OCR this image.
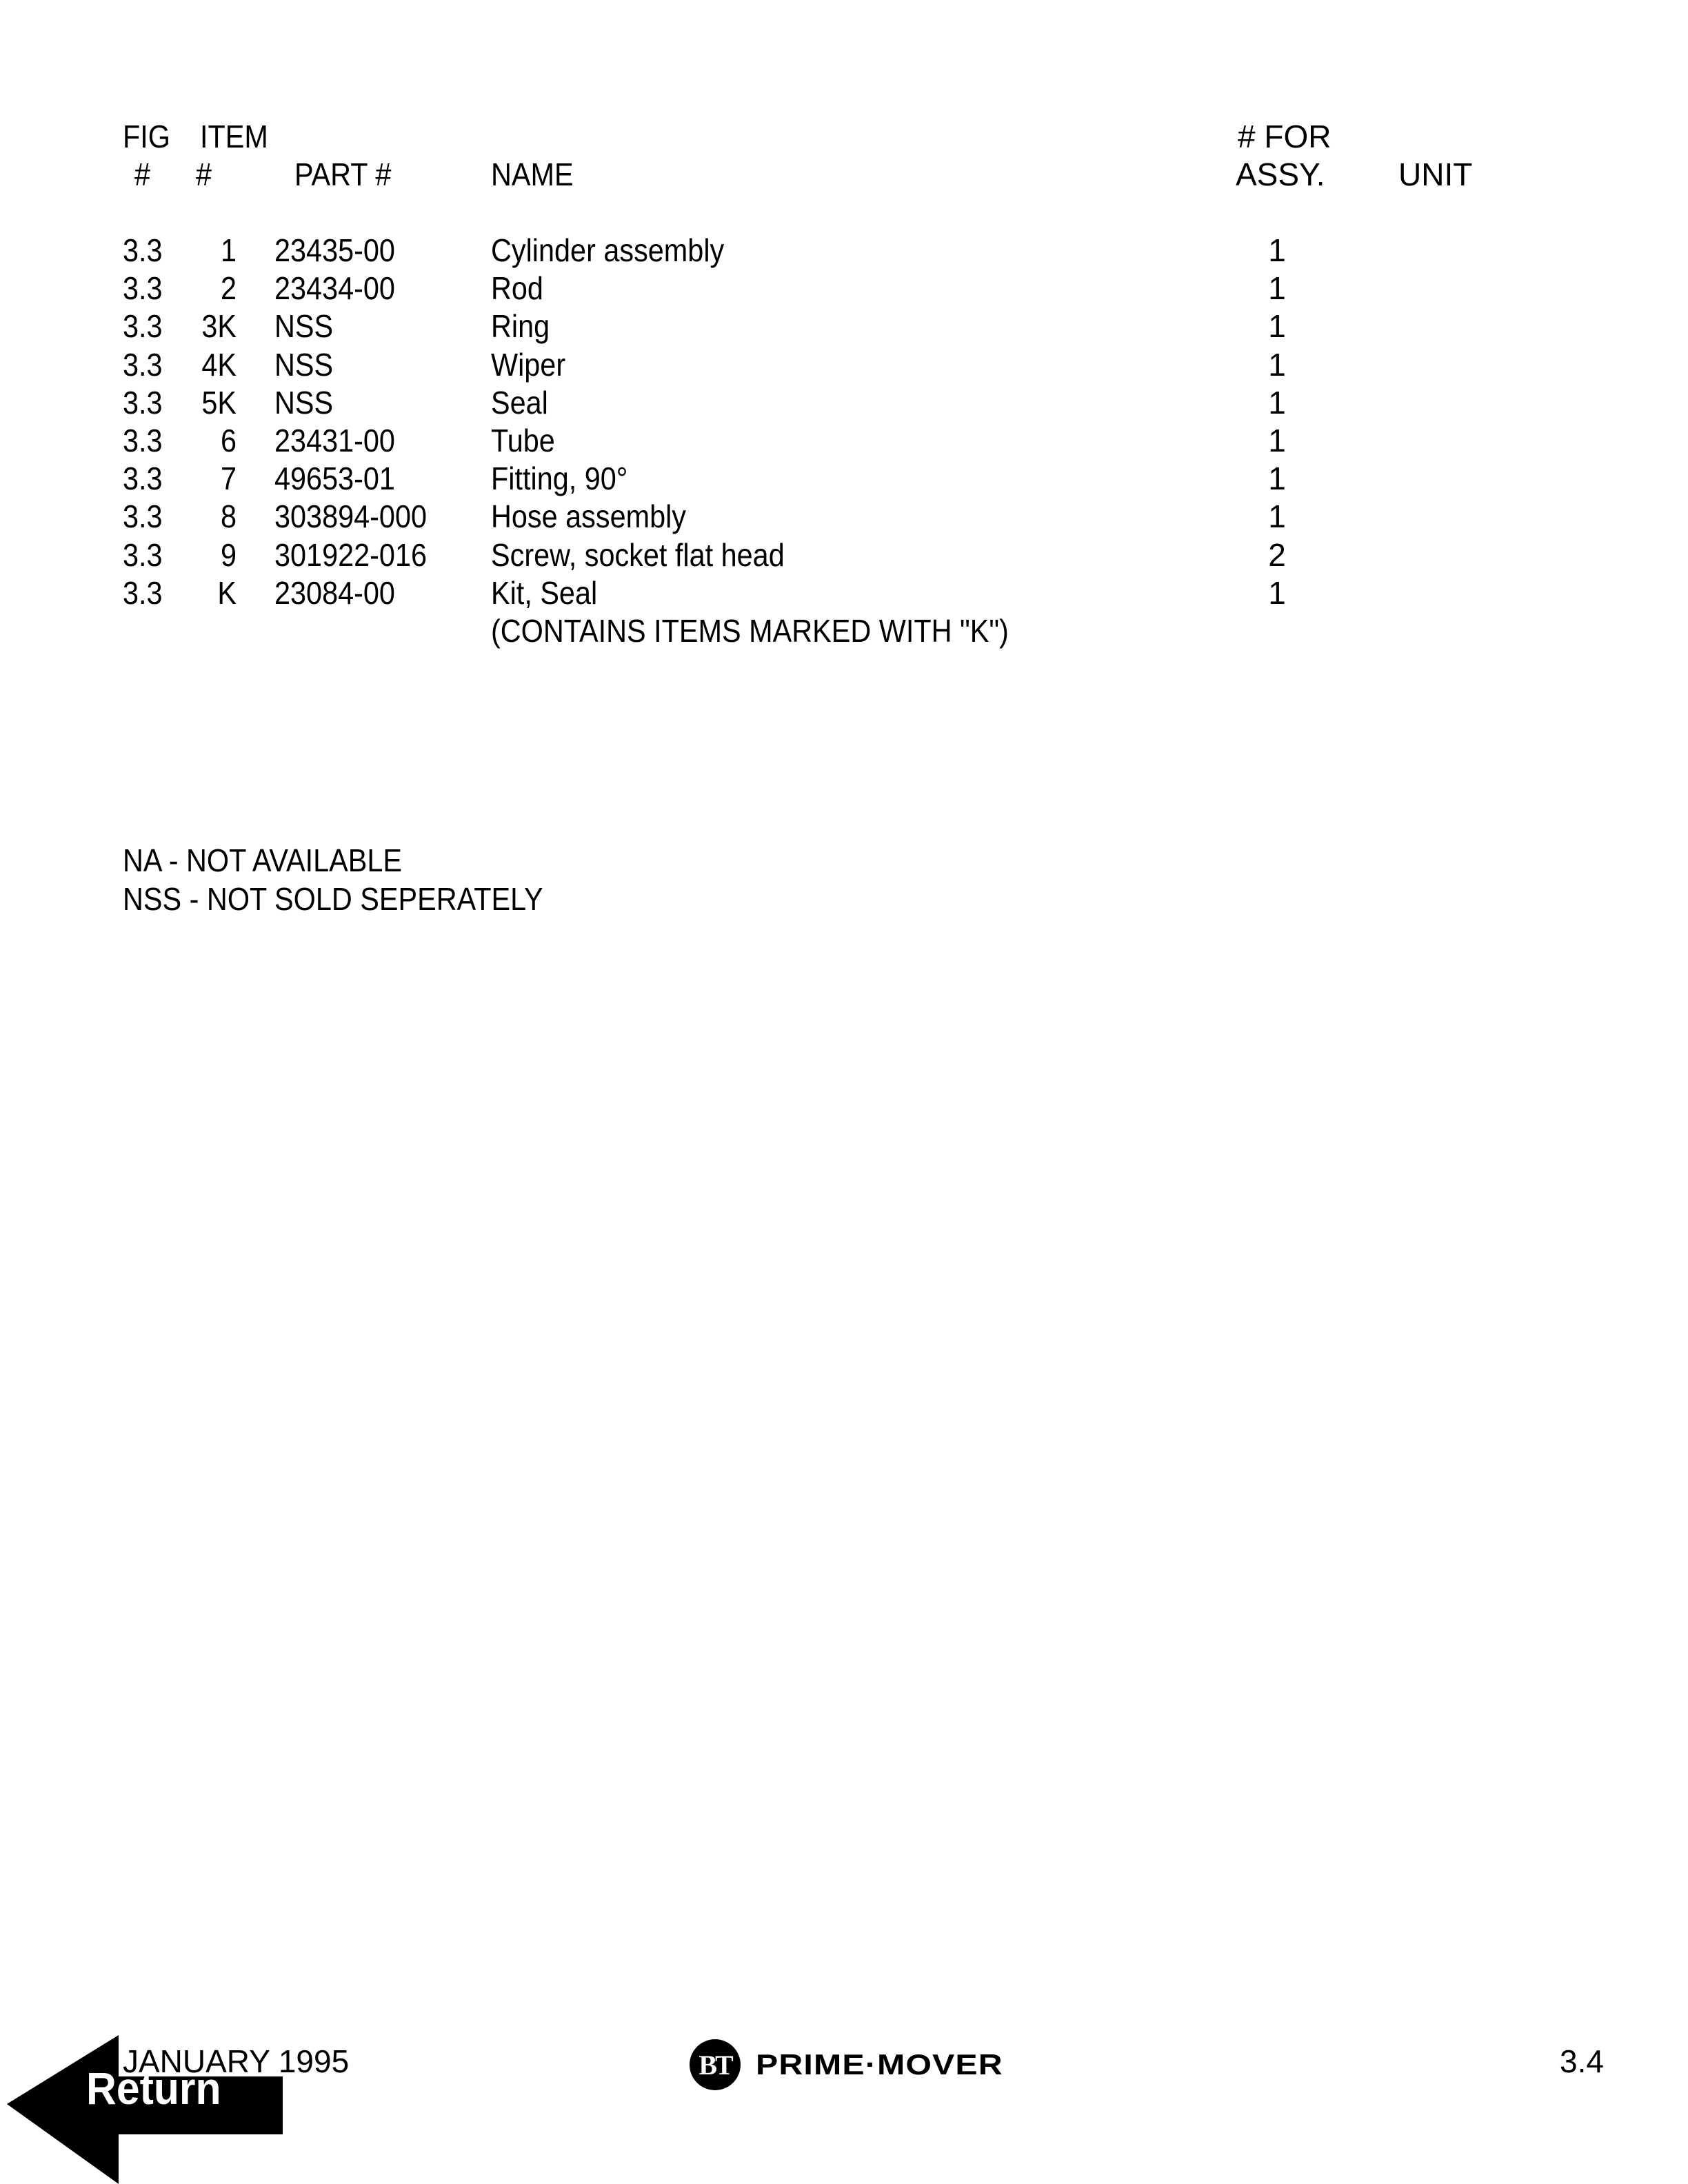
FIG ITEM	# FOR
# #	PART #	NAME	ASSY. UNIT
3.3	1 23435-00	Cylinder assembly	1
3.3	2 23434-00	Rod	1
3.3 3K NSS	Ring	1
3.3 4K NSS	Wiper	1
3.3 5K NSS	Seal	1
3.3	6 23431-00	Tube	1
3.3	7 49653-01	Fitting, 90°	1
3.3	8 303894-000 Hose assembly	1
3.3	9 301922-016 Screw, socket flat head	2
3.3	K 23084-00	Kit, Seal	1
(CONTAINS ITEMS MARKED WITH "K")
NA - NOT AVAILABLE
NSS - NOT SOLD SEPERATELY
JANUARY 1995	BT PRIME·MOVER	3.4
Return
